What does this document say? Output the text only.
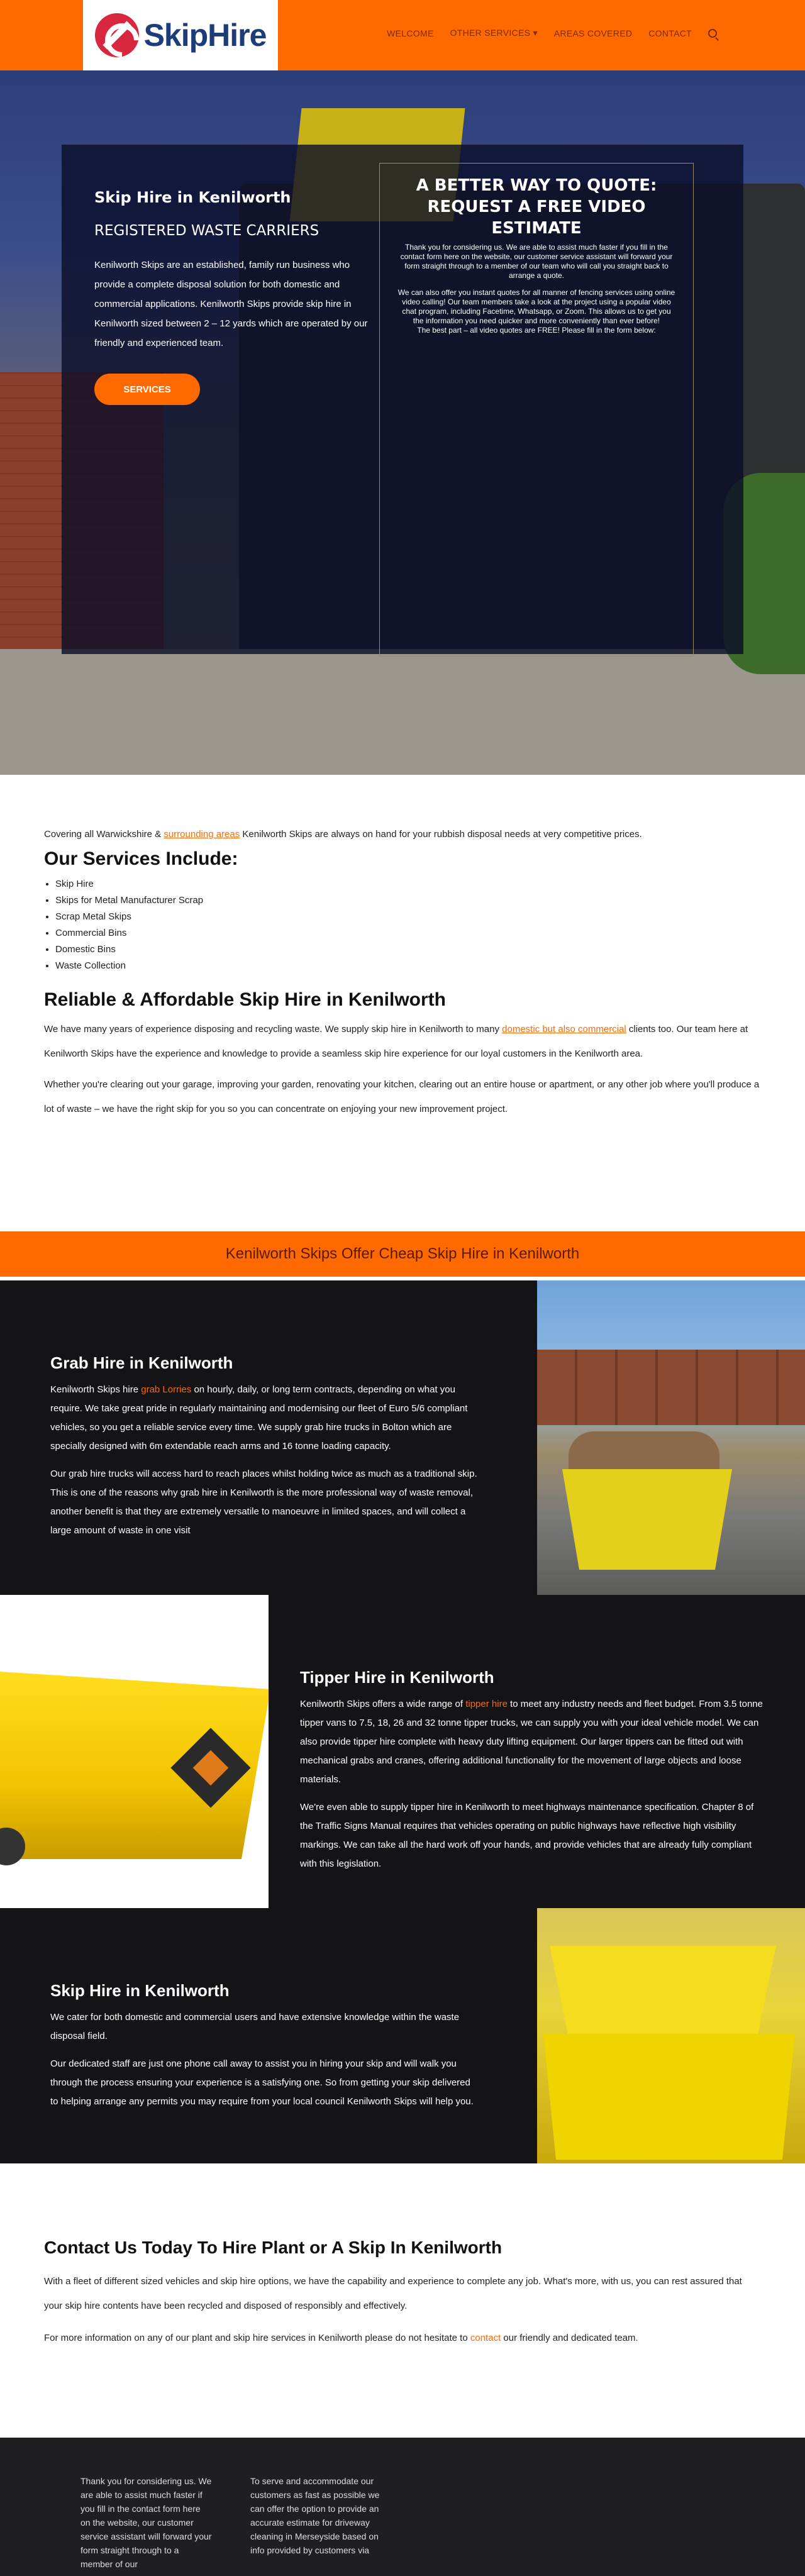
SkipHire	WELCOME OTHER SERVICES ▾ AREAS COVERED CONTACT
Skip Hire in Kenilworth
REGISTERED WASTE CARRIERS

Kenilworth Skips are an established, family run business who provide a complete disposal solution for both domestic and commercial applications. Kenilworth Skips provide skip hire in Kenilworth sized between 2 – 12 yards which are operated by our friendly and experienced team.

SERVICES
A BETTER WAY TO QUOTE: REQUEST A FREE VIDEO ESTIMATE

Thank you for considering us. We are able to assist much faster if you fill in the contact form here on the website, our customer service assistant will forward your form straight through to a member of our team who will call you straight back to arrange a quote.

We can also offer you instant quotes for all manner of fencing services using online video calling! Our team members take a look at the project using a popular video chat program, including Facetime, Whatsapp, or Zoom. This allows us to get you the information you need quicker and more conveniently than ever before!

The best part – all video quotes are FREE! Please fill in the form below:

Covering all Warwickshire & surrounding areas Kenilworth Skips are always on hand for your rubbish disposal needs at very competitive prices.

Our Services Include:
• Skip Hire
• Skips for Metal Manufacturer Scrap
• Scrap Metal Skips
• Commercial Bins
• Domestic Bins
• Waste Collection
Reliable & Affordable Skip Hire in Kenilworth

We have many years of experience disposing and recycling waste. We supply skip hire in Kenilworth to many domestic but also commercial clients too. Our team here at Kenilworth Skips have the experience and knowledge to provide a seamless skip hire experience for our loyal customers in the Kenilworth area.

Whether you're clearing out your garage, improving your garden, renovating your kitchen, clearing out an entire house or apartment, or any other job where you'll produce a lot of waste – we have the right skip for you so you can concentrate on enjoying your new improvement project.

Kenilworth Skips Offer Cheap Skip Hire in Kenilworth
Grab Hire in Kenilworth

Kenilworth Skips hire grab Lorries on hourly, daily, or long term contracts, depending on what you require. We take great pride in regularly maintaining and modernising our fleet of Euro 5/6 compliant vehicles, so you get a reliable service every time. We supply grab hire trucks in Bolton which are specially designed with 6m extendable reach arms and 16 tonne loading capacity.

Our grab hire trucks will access hard to reach places whilst holding twice as much as a traditional skip. This is one of the reasons why grab hire in Kenilworth is the more professional way of waste removal, another benefit is that they are extremely versatile to manoeuvre in limited spaces, and will collect a large amount of waste in one visit

Tipper Hire in Kenilworth

Kenilworth Skips offers a wide range of tipper hire to meet any industry needs and fleet budget. From 3.5 tonne tipper vans to 7.5, 18, 26 and 32 tonne tipper trucks, we can supply you with your ideal vehicle model. We can also provide tipper hire complete with heavy duty lifting equipment. Our larger tippers can be fitted out with mechanical grabs and cranes, offering additional functionality for the movement of large objects and loose materials.

We're even able to supply tipper hire in Kenilworth to meet highways maintenance specification. Chapter 8 of the Traffic Signs Manual requires that vehicles operating on public highways have reflective high visibility markings. We can take all the hard work off your hands, and provide vehicles that are already fully compliant with this legislation.

Skip Hire in Kenilworth

We cater for both domestic and commercial users and have extensive knowledge within the waste disposal field.

Our dedicated staff are just one phone call away to assist you in hiring your skip and will walk you through the process ensuring your experience is a satisfying one. So from getting your skip delivered to helping arrange any permits you may require from your local council Kenilworth Skips will help you.

Contact Us Today To Hire Plant or A Skip In Kenilworth

With a fleet of different sized vehicles and skip hire options, we have the capability and experience to complete any job. What's more, with us, you can rest assured that your skip hire contents have been recycled and disposed of responsibly and effectively.

For more information on any of our plant and skip hire services in Kenilworth please do not hesitate to contact our friendly and dedicated team.

Thank you for considering us. We are able to assist much faster if you fill in the contact form here on the website, our customer service assistant will forward your form straight through to a member of our
To serve and accommodate our customers as fast as possible we can offer the option to provide an accurate estimate for driveway cleaning in Merseyside based on info provided by customers via
